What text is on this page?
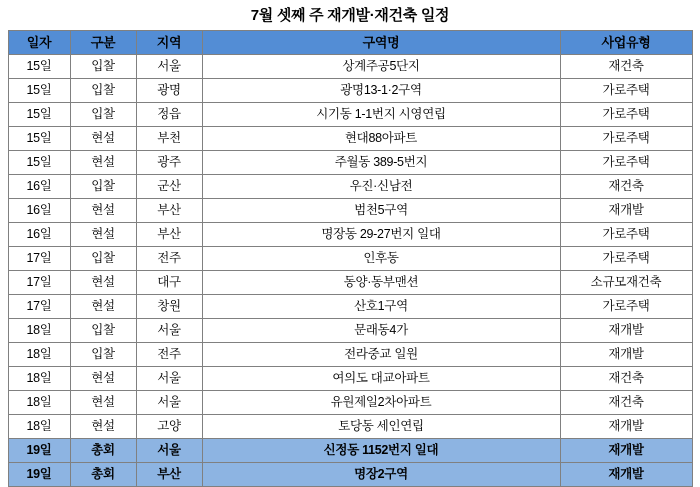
7월 셋째 주 재개발·재건축 일정
일자	구분	지역	구역명	사업유형
15일	입찰	서울	상계주공5단지	재건축
15일	입찰	광명	광명13-1·2구역	가로주택
15일	입찰	정읍	시기동 1-1번지 시영연립	가로주택
15일	현설	부천	현대88아파트	가로주택
15일	현설	광주	주월동 389-5번지	가로주택
16일	입찰	군산	우진·신남전	재건축
16일	현설	부산	범천5구역	재개발
16일	현설	부산	명장동 29-27번지 일대	가로주택
17일	입찰	전주	인후동	가로주택
17일	현설	대구	동양·동부맨션	소규모재건축
17일	현설	창원	산호1구역	가로주택
18일	입찰	서울	문래동4가	재개발
18일	입찰	전주	전라중교 일원	재개발
18일	현설	서울	여의도 대교아파트	재건축
18일	현설	서울	유원제일2차아파트	재건축
18일	현설	고양	토당동 세인연립	재개발
19일	총회	서울	신정동 1152번지 일대	재개발
19일	총회	부산	명장2구역	재개발
